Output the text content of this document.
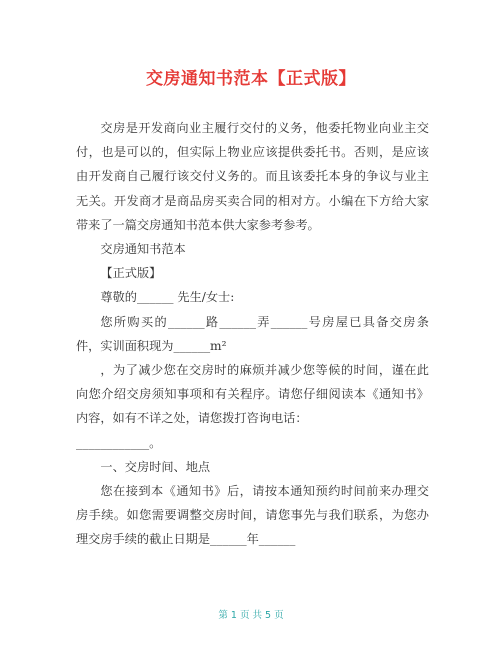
交房通知书范本【正式版】

交房是开发商向业主履行交付的义务，他委托物业向业主交付，也是可以的，但实际上物业应该提供委托书。否则，是应该由开发商自己履行该交付义务的。而且该委托本身的争议与业主无关。开发商才是商品房买卖合同的相对方。小编在下方给大家带来了一篇交房通知书范本供大家参考参考。

交房通知书范本

【正式版】

尊敬的______ 先生/女士:

您所购买的______路______弄______号房屋已具备交房条件，实训面积现为______m²

，为了减少您在交房时的麻烦并减少您等候的时间，谨在此向您介绍交房须知事项和有关程序。请您仔细阅读本《通知书》内容，如有不详之处，请您拨打咨询电话：

____________。

一、交房时间、地点

您在接到本《通知书》后，请按本通知预约时间前来办理交房手续。如您需要调整交房时间，请您事先与我们联系，为您办理交房手续的截止日期是______年______

第 1 页 共 5 页
